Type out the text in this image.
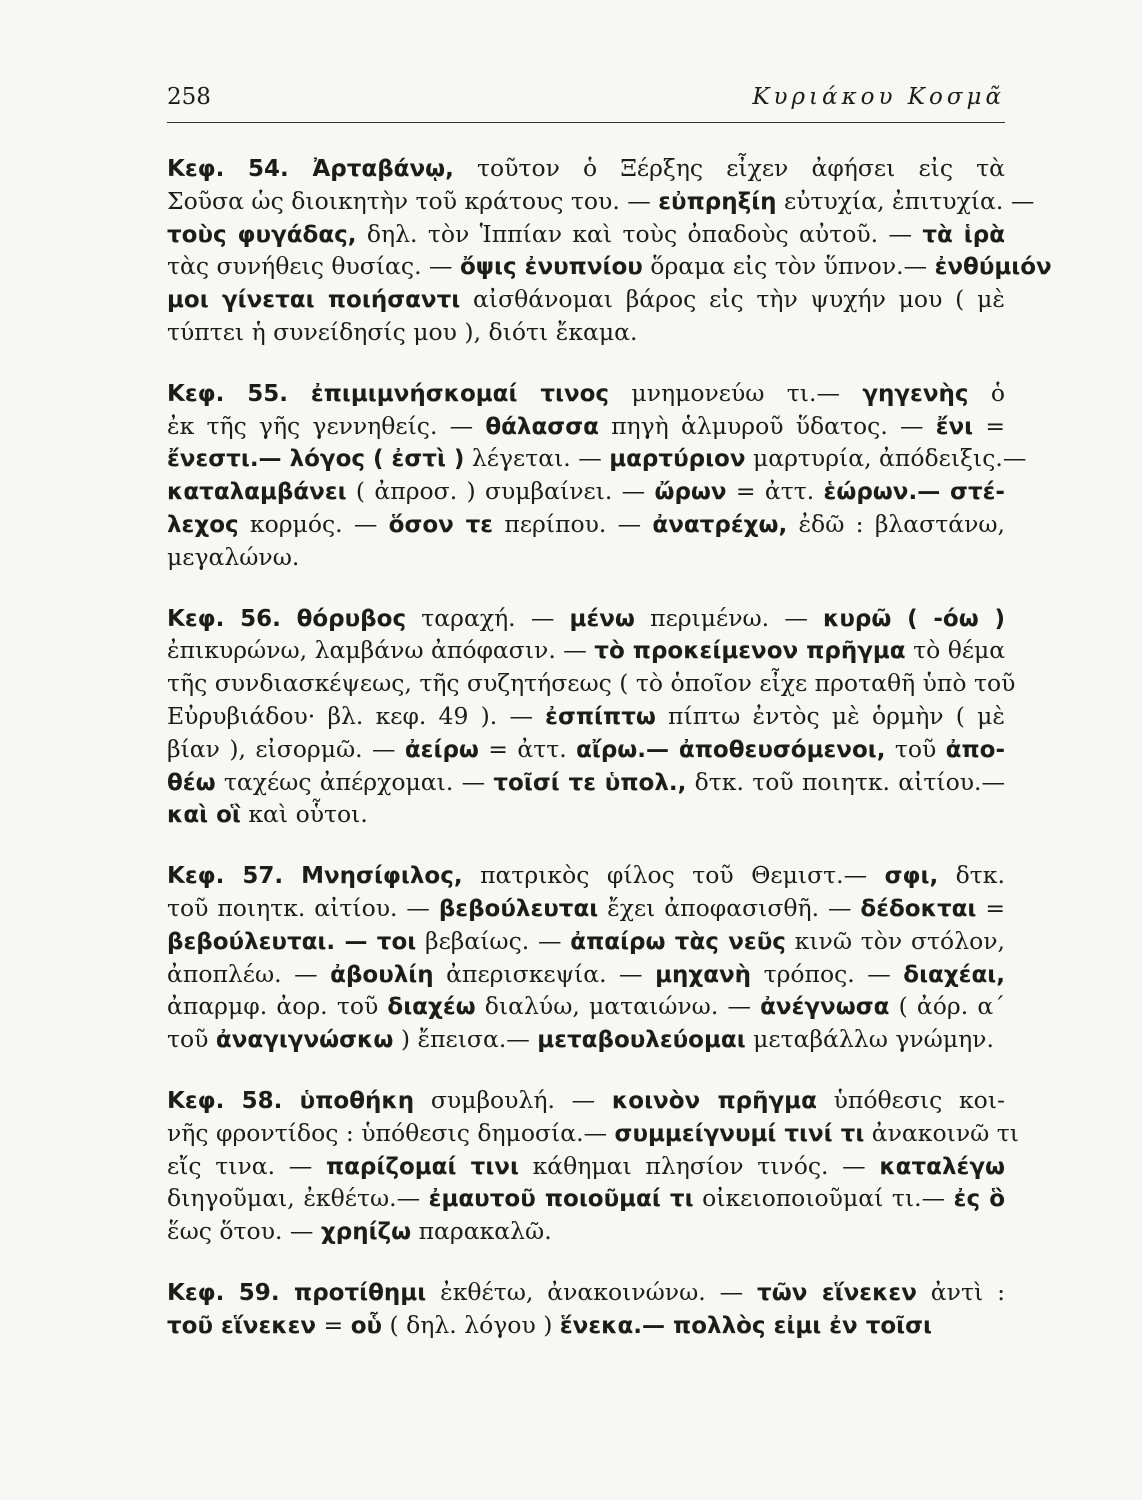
258	Κυριάκου Κοσμᾶ
Κεφ. 54. Ἀρταβάνῳ, τοῦτον ὁ Ξέρξης εἶχεν ἀφήσει εἰς τὰ
Σοῦσα ὡς διοικητὴν τοῦ κράτους του. — εὐπρηξίη εὐτυχία, ἐπιτυχία. —
τοὺς φυγάδας, δηλ. τὸν Ἱππίαν καὶ τοὺς ὀπαδοὺς αὐτοῦ. — τὰ ἱρὰ
τὰς συνήθεις θυσίας. — ὄψις ἐνυπνίου ὅραμα εἰς τὸν ὕπνον.— ἐνθύμιόν
μοι γίνεται ποιήσαντι αἰσθάνομαι βάρος εἰς τὴν ψυχήν μου ( μὲ
τύπτει ἡ συνείδησίς μου ), διότι ἔκαμα.
Κεφ. 55. ἐπιμιμνήσκομαί τινος μνημονεύω τι.— γηγενὴς ὁ
ἐκ τῆς γῆς γεννηθείς. — θάλασσα πηγὴ ἁλμυροῦ ὕδατος. — ἔνι =
ἔνεστι.— λόγος ( ἐστὶ ) λέγεται. — μαρτύριον μαρτυρία, ἀπόδειξις.—
καταλαμβάνει ( ἀπροσ. ) συμβαίνει. — ὤρων = ἀττ. ἑώρων.— στέ-
λεχος κορμός. — ὅσον τε περίπου. — ἀνατρέχω, ἐδῶ : βλαστάνω,
μεγαλώνω.
Κεφ. 56. θόρυβος ταραχή. — μένω περιμένω. — κυρῶ ( -όω )
ἐπικυρώνω, λαμβάνω ἀπόφασιν. — τὸ προκείμενον πρῆγμα τὸ θέμα
τῆς συνδιασκέψεως, τῆς συζητήσεως ( τὸ ὁποῖον εἶχε προταθῆ ὑπὸ τοῦ
Εὐρυβιάδου· βλ. κεφ. 49 ). — ἐσπίπτω πίπτω ἐντὸς μὲ ὁρμὴν ( μὲ
βίαν ), εἰσορμῶ. — ἀείρω = ἀττ. αἴρω.— ἀποθευσόμενοι, τοῦ ἀπο-
θέω ταχέως ἀπέρχομαι. — τοῖσί τε ὑπολ., δτκ. τοῦ ποιητκ. αἰτίου.—
καὶ οἳ καὶ οὗτοι.
Κεφ. 57. Μνησίφιλος, πατρικὸς φίλος τοῦ Θεμιστ.— σφι, δτκ.
τοῦ ποιητκ. αἰτίου. — βεβούλευται ἔχει ἀποφασισθῆ. — δέδοκται =
βεβούλευται. — τοι βεβαίως. — ἀπαίρω τὰς νεῦς κινῶ τὸν στόλον,
ἀποπλέω. — ἀβουλίη ἀπερισκεψία. — μηχανὴ τρόπος. — διαχέαι,
ἀπαρμφ. ἀορ. τοῦ διαχέω διαλύω, ματαιώνω. — ἀνέγνωσα ( ἀόρ. α΄
τοῦ ἀναγιγνώσκω ) ἔπεισα.— μεταβουλεύομαι μεταβάλλω γνώμην.
Κεφ. 58. ὑποθήκη συμβουλή. — κοινὸν πρῆγμα ὑπόθεσις κοι-
νῆς φροντίδος : ὑπόθεσις δημοσία.— συμμείγνυμί τινί τι ἀνακοινῶ τι
εἴς τινα. — παρίζομαί τινι κάθημαι πλησίον τινός. — καταλέγω
διηγοῦμαι, ἐκθέτω.— ἐμαυτοῦ ποιοῦμαί τι οἰκειοποιοῦμαί τι.— ἐς ὃ
ἕως ὅτου. — χρηίζω παρακαλῶ.
Κεφ. 59. προτίθημι ἐκθέτω, ἀνακοινώνω. — τῶν εἵνεκεν ἀντὶ :
τοῦ εἵνεκεν = οὗ ( δηλ. λόγου ) ἕνεκα.— πολλὸς εἰμι ἐν τοῖσι
